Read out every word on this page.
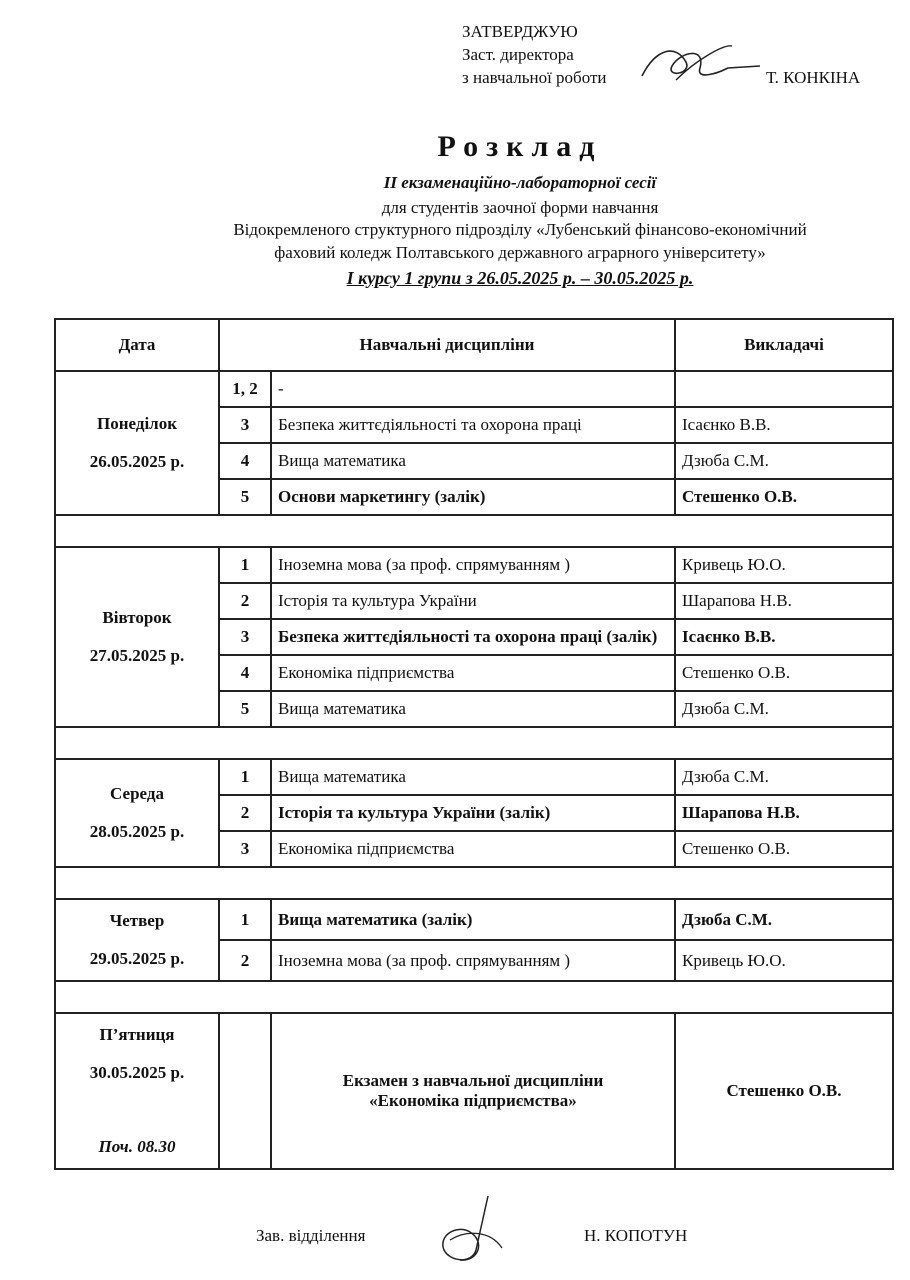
ЗАТВЕРДЖУЮ
Заст. директора
з навчальної роботи	Т. КОНКІНА
Розклад
ІІ екзаменаційно-лабораторної сесії
для студентів заочної форми навчання
Відокремленого структурного підрозділу «Лубенський фінансово-економічний
фаховий коледж Полтавського державного аграрного університету»
І курсу 1 групи з 26.05.2025 р. – 30.05.2025 р.
Дата	Навчальні дисципліни		Викладачі
Понеділок
26.05.2025 р.	1, 2	-	
	3	Безпека життєдіяльності та охорона праці	Ісаєнко В.В.
	4	Вища математика	Дзюба С.М.
	5	Основи маркетингу (залік)	Стешенко О.В.

Вівторок
27.05.2025 р.	1	Іноземна мова (за проф. спрямуванням )	Кривець Ю.О.
	2	Історія та культура України	Шарапова Н.В.
	3	Безпека життєдіяльності та охорона праці (залік)	Ісаєнко В.В.
	4	Економіка підприємства	Стешенко О.В.
	5	Вища математика	Дзюба С.М.

Середа
28.05.2025 р.	1	Вища математика	Дзюба С.М.
	2	Історія та культура України (залік)	Шарапова Н.В.
	3	Економіка підприємства	Стешенко О.В.

Четвер
29.05.2025 р.	1	Вища математика (залік)	Дзюба С.М.
	2	Іноземна мова (за проф. спрямуванням )	Кривець Ю.О.

П’ятниця
30.05.2025 р.
Поч. 08.30		Екзамен з навчальної дисципліни
«Економіка підприємства»	Стешенко О.В.
Зав. відділення	Н. КОПОТУН
